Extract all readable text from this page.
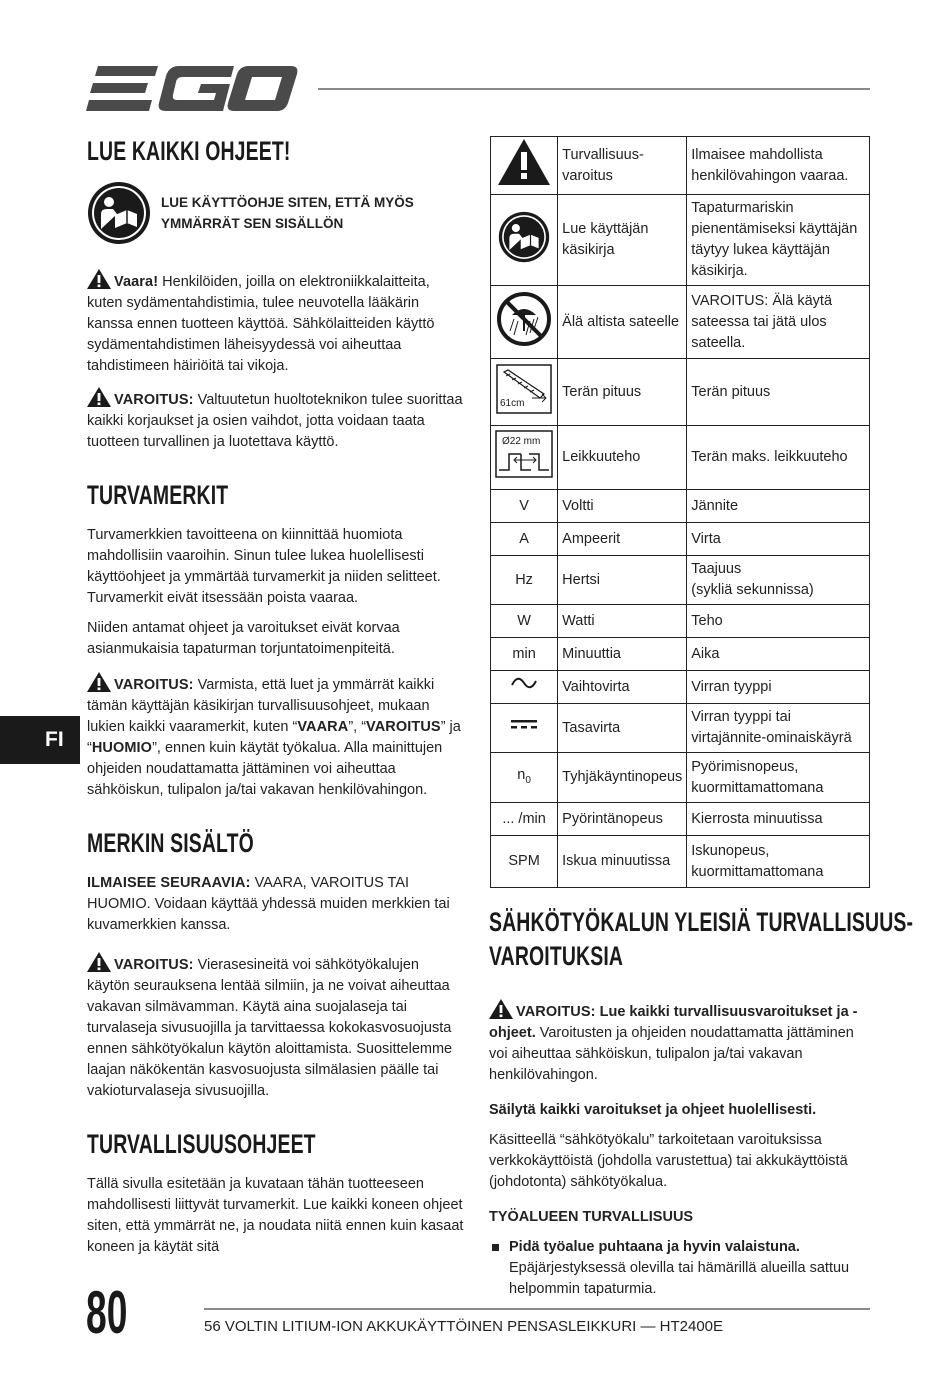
LUE KAIKKI OHJEET!
LUE KÄYTTÖOHJE SITEN, ETTÄ MYÖS
YMMÄRRÄT SEN SISÄLLÖN
Vaara! Henkilöiden, joilla on elektroniikkalaitteita, kuten sydämentahdistimia, tulee neuvotella lääkärin kanssa ennen tuotteen käyttöä. Sähkölaitteiden käyttö sydämentahdistimen läheisyydessä voi aiheuttaa tahdistimeen häiriöitä tai vikoja.
VAROITUS: Valtuutetun huoltoteknikon tulee suorittaa kaikki korjaukset ja osien vaihdot, jotta voidaan taata tuotteen turvallinen ja luotettava käyttö.
TURVAMERKIT
Turvamerkkien tavoitteena on kiinnittää huomiota mahdollisiin vaaroihin. Sinun tulee lukea huolellisesti käyttöohjeet ja ymmärtää turvamerkit ja niiden selitteet. Turvamerkit eivät itsessään poista vaaraa.
Niiden antamat ohjeet ja varoitukset eivät korvaa asianmukaisia tapaturman torjuntatoimenpiteitä.
VAROITUS: Varmista, että luet ja ymmärrät kaikki tämän käyttäjän käsikirjan turvallisuusohjeet, mukaan lukien kaikki vaaramerkit, kuten “VAARA”, “VAROITUS” ja “HUOMIO”, ennen kuin käytät työkalua. Alla mainittujen ohjeiden noudattamatta jättäminen voi aiheuttaa sähköiskun, tulipalon ja/tai vakavan henkilövahingon.
MERKIN SISÄLTÖ
ILMAISEE SEURAAVIA: VAARA, VAROITUS TAI HUOMIO. Voidaan käyttää yhdessä muiden merkkien tai kuvamerkkien kanssa.
VAROITUS: Vierasesineitä voi sähkötyökalujen käytön seurauksena lentää silmiin, ja ne voivat aiheuttaa vakavan silmävamman. Käytä aina suojalaseja tai turvalaseja sivusuojilla ja tarvittaessa kokokasvosuojusta ennen sähkötyökalun käytön aloittamista. Suosittelemme laajan näkökentän kasvosuojusta silmälasien päälle tai vakioturvalaseja sivusuojilla.
TURVALLISUUSOHJEET
Tällä sivulla esitetään ja kuvataan tähän tuotteeseen mahdollisesti liittyvät turvamerkit. Lue kaikki koneen ohjeet siten, että ymmärrät ne, ja noudata niitä ennen kuin kasaat koneen ja käytät sitä
	Turvallisuus-varoitus	Ilmaisee mahdollista henkilövahingon vaaraa.

	Lue käyttäjän käsikirja	Tapaturmariskin pienentämiseksi käyttäjän täytyy lukea käyttäjän käsikirja.

	Älä altista sateelle	VAROITUS: Älä käytä sateessa tai jätä ulos sateella.

61cm	Terän pituus	Terän pituus

Ø22 mm	Leikkuuteho	Terän maks. leikkuuteho

V	Voltti	Jännite

A	Ampeerit	Virta

Hz	Hertsi	Taajuus
(sykliä sekunnissa)

W	Watti	Teho

min	Minuuttia	Aika

	Vaihtovirta	Virran tyyppi

	Tasavirta	Virran tyyppi tai virtajännite-ominaiskäyrä

$n_0$	Tyhjäkäyntinopeus	Pyörimisnopeus, kuormittamattomana

... /min	Pyörintänopeus	Kierrosta minuutissa

SPM	Iskua minuutissa	Iskunopeus, kuormittamattomana
SÄHKÖTYÖKALUN YLEISIÄ TURVALLISUUS-
VAROITUKSIA
VAROITUS: Lue kaikki turvallisuusvaroitukset ja -ohjeet. Varoitusten ja ohjeiden noudattamatta jättäminen voi aiheuttaa sähköiskun, tulipalon ja/tai vakavan henkilövahingon.
Säilytä kaikki varoitukset ja ohjeet huolellisesti.
Käsitteellä “sähkötyökalu” tarkoitetaan varoituksissa verkkokäyttöistä (johdolla varustettua) tai akkukäyttöistä (johdotonta) sähkötyökalua.
TYÖALUEEN TURVALLISUUS
Pidä työalue puhtaana ja hyvin valaistuna.
Epäjärjestyksessä olevilla tai hämärillä alueilla sattuu helpommin tapaturmia.
FI
80	56 VOLTIN LITIUM-ION AKKUKÄYTTÖINEN PENSASLEIKKURI — HT2400E
